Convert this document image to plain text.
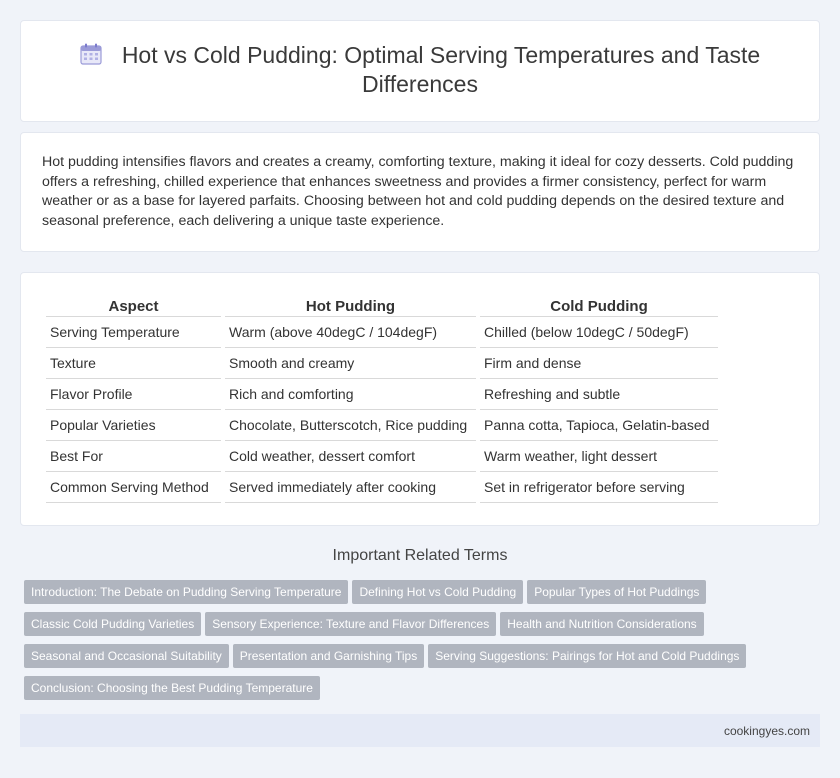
Hot vs Cold Pudding: Optimal Serving Temperatures and Taste Differences

Hot pudding intensifies flavors and creates a creamy, comforting texture, making it ideal for cozy desserts. Cold pudding offers a refreshing, chilled experience that enhances sweetness and provides a firmer consistency, perfect for warm weather or as a base for layered parfaits. Choosing between hot and cold pudding depends on the desired texture and seasonal preference, each delivering a unique taste experience.

Aspect	Hot Pudding	Cold Pudding
Serving Temperature	Warm (above 40degC / 104degF)	Chilled (below 10degC / 50degF)
Texture	Smooth and creamy	Firm and dense
Flavor Profile	Rich and comforting	Refreshing and subtle
Popular Varieties	Chocolate, Butterscotch, Rice pudding	Panna cotta, Tapioca, Gelatin-based
Best For	Cold weather, dessert comfort	Warm weather, light dessert
Common Serving Method	Served immediately after cooking	Set in refrigerator before serving
Important Related Terms
Introduction: The Debate on Pudding Serving Temperature Defining Hot vs Cold Pudding Popular Types of Hot Puddings
Classic Cold Pudding Varieties Sensory Experience: Texture and Flavor Differences Health and Nutrition Considerations
Seasonal and Occasional Suitability Presentation and Garnishing Tips Serving Suggestions: Pairings for Hot and Cold Puddings
Conclusion: Choosing the Best Pudding Temperature
cookingyes.com
